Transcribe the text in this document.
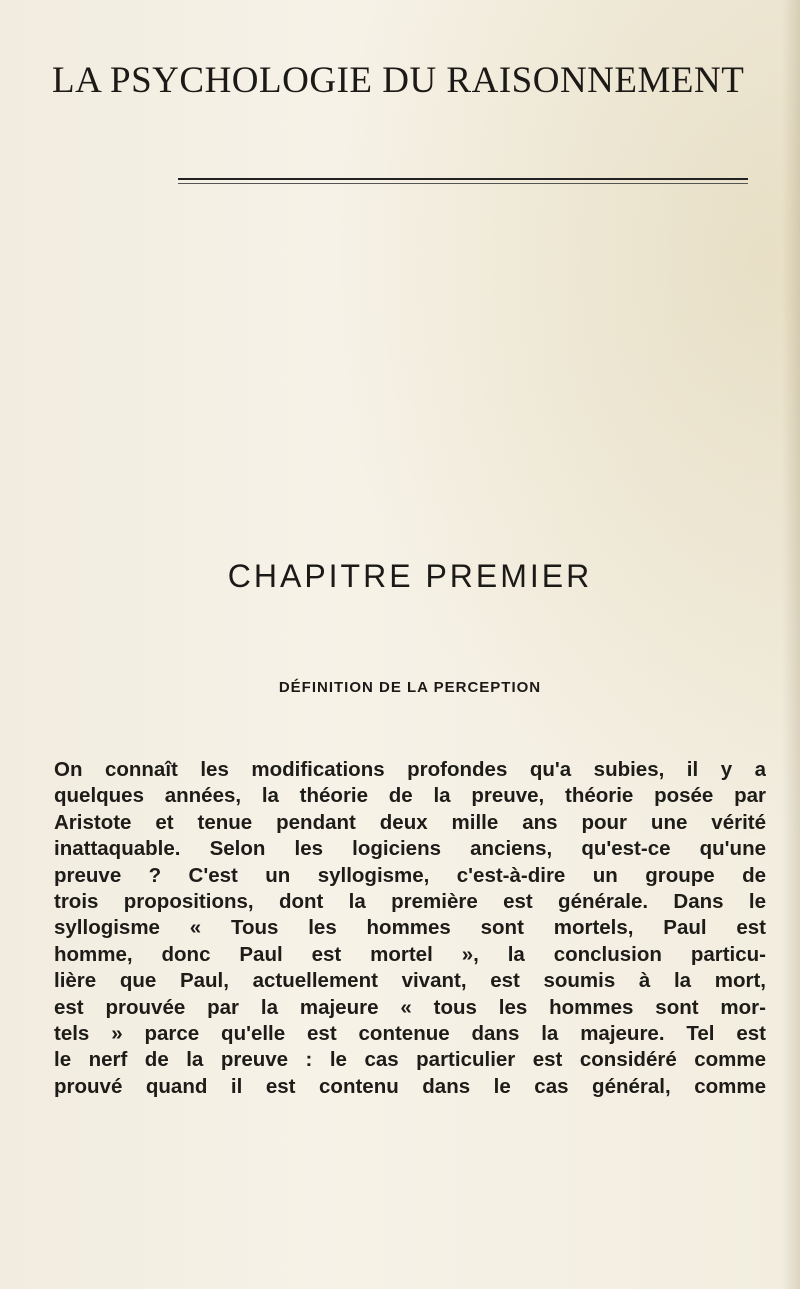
LA PSYCHOLOGIE DU RAISONNEMENT
CHAPITRE PREMIER
DÉFINITION DE LA PERCEPTION
On connaît les modifications profondes qu'a subies, il y a
quelques années, la théorie de la preuve, théorie posée par
Aristote et tenue pendant deux mille ans pour une vérité
inattaquable. Selon les logiciens anciens, qu'est-ce qu'une
preuve ? C'est un syllogisme, c'est-à-dire un groupe de
trois propositions, dont la première est générale. Dans le
syllogisme « Tous les hommes sont mortels, Paul est
homme, donc Paul est mortel », la conclusion particu-
lière que Paul, actuellement vivant, est soumis à la mort,
est prouvée par la majeure « tous les hommes sont mor-
tels » parce qu'elle est contenue dans la majeure. Tel est
le nerf de la preuve : le cas particulier est considéré comme
prouvé quand il est contenu dans le cas général, comme
